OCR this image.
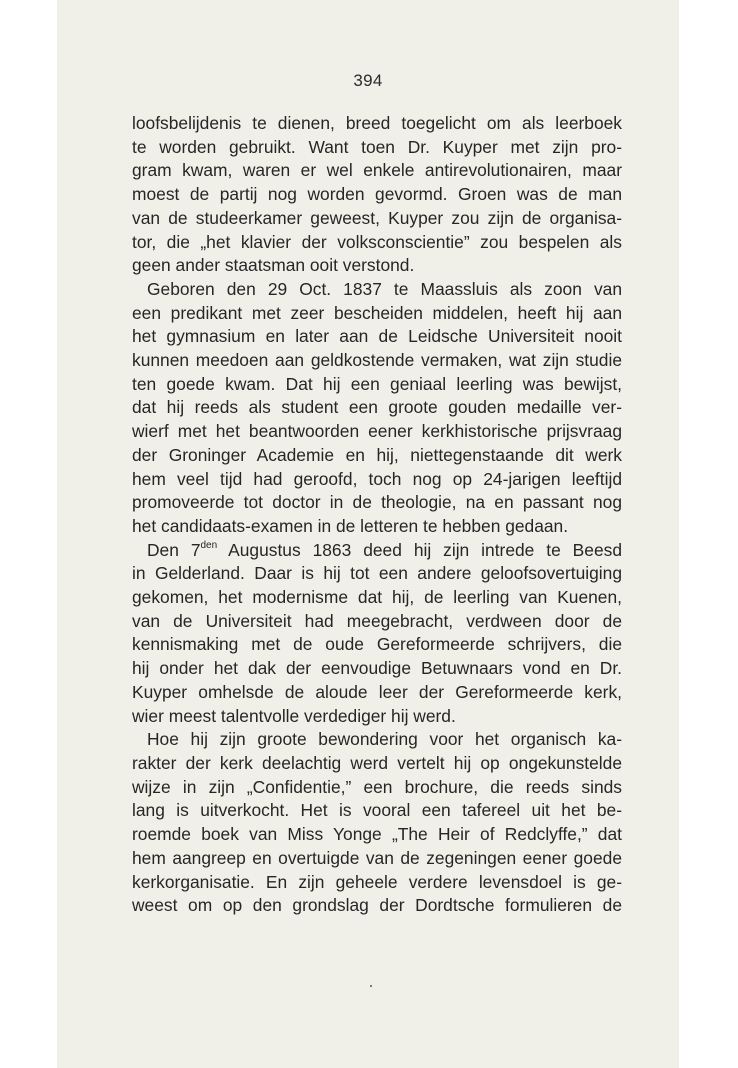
394

loofsbelijdenis te dienen, breed toegelicht om als leerboek

te worden gebruikt. Want toen Dr. Kuyper met zijn pro-

gram kwam, waren er wel enkele antirevolutionairen, maar

moest de partij nog worden gevormd. Groen was de man

van de studeerkamer geweest, Kuyper zou zijn de organisa-

tor, die „het klavier der volksconscientie” zou bespelen als

geen ander staatsman ooit verstond.

Geboren den 29 Oct. 1837 te Maassluis als zoon van

een predikant met zeer bescheiden middelen, heeft hij aan

het gymnasium en later aan de Leidsche Universiteit nooit

kunnen meedoen aan geldkostende vermaken, wat zijn studie

ten goede kwam. Dat hij een geniaal leerling was bewijst,

dat hij reeds als student een groote gouden medaille ver-

wierf met het beantwoorden eener kerkhistorische prijsvraag

der Groninger Academie en hij, niettegenstaande dit werk

hem veel tijd had geroofd, toch nog op 24-jarigen leeftijd

promoveerde tot doctor in de theologie, na en passant nog

het candidaats-examen in de letteren te hebben gedaan.

Den $7^{den}$ Augustus 1863 deed hij zijn intrede te Beesd

in Gelderland. Daar is hij tot een andere geloofsovertuiging

gekomen, het modernisme dat hij, de leerling van Kuenen,

van de Universiteit had meegebracht, verdween door de

kennismaking met de oude Gereformeerde schrijvers, die

hij onder het dak der eenvoudige Betuwnaars vond en Dr.

Kuyper omhelsde de aloude leer der Gereformeerde kerk,

wier meest talentvolle verdediger hij werd.

Hoe hij zijn groote bewondering voor het organisch ka-

rakter der kerk deelachtig werd vertelt hij op ongekunstelde

wijze in zijn „Confidentie,” een brochure, die reeds sinds

lang is uitverkocht. Het is vooral een tafereel uit het be-

roemde boek van Miss Yonge „The Heir of Redclyffe,” dat

hem aangreep en overtuigde van de zegeningen eener goede

kerkorganisatie. En zijn geheele verdere levensdoel is ge-

weest om op den grondslag der Dordtsche formulieren de
